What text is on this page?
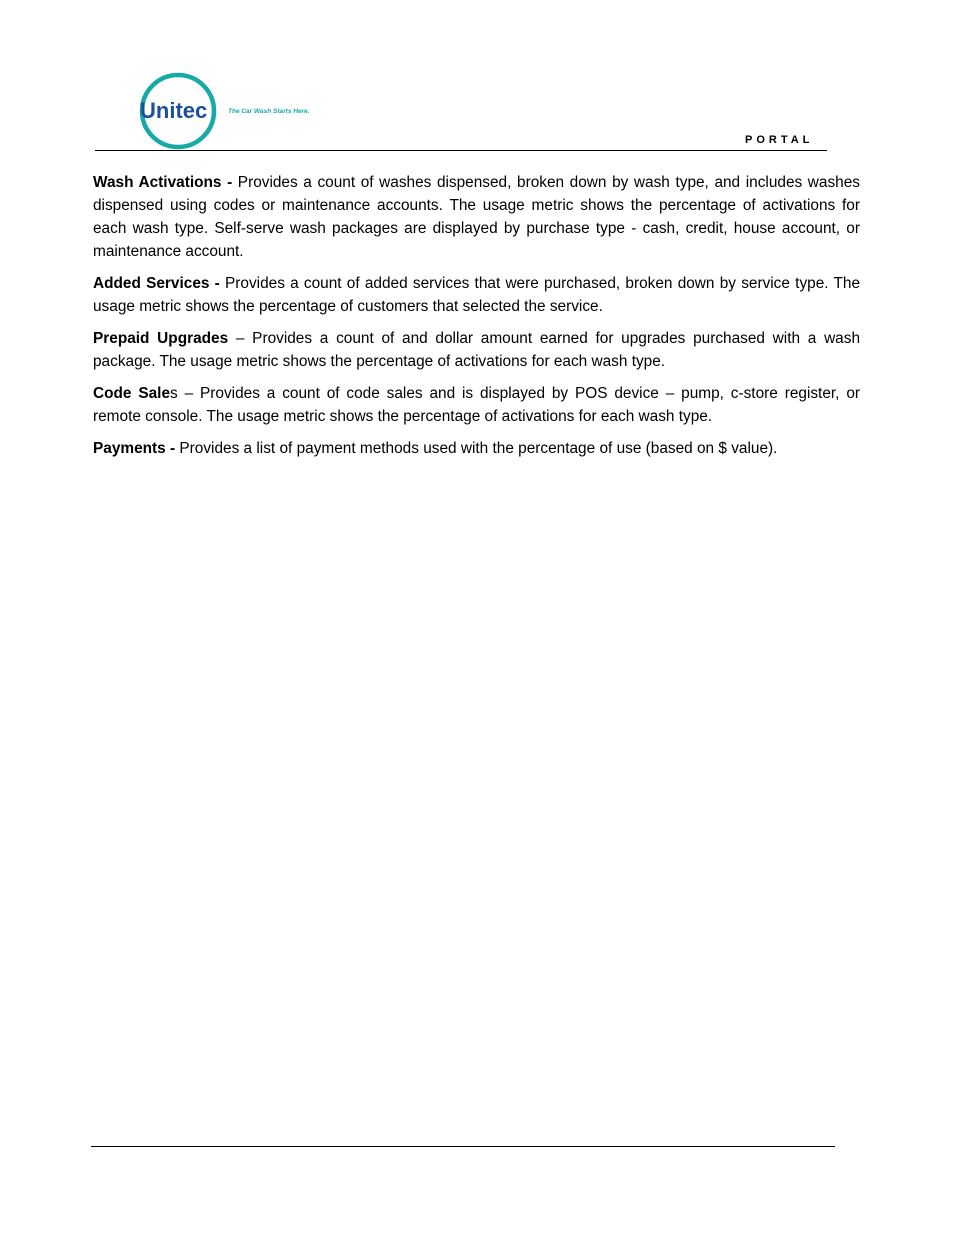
Unitec	The Car Wash Starts Here.
PORTAL

Wash Activations - Provides a count of washes dispensed, broken down by wash type, and includes washes dispensed using codes or maintenance accounts. The usage metric shows the percentage of activations for each wash type. Self-serve wash packages are displayed by purchase type - cash, credit, house account, or maintenance account.

Added Services - Provides a count of added services that were purchased, broken down by service type. The usage metric shows the percentage of customers that selected the service.

Prepaid Upgrades – Provides a count of and dollar amount earned for upgrades purchased with a wash package. The usage metric shows the percentage of activations for each wash type.

Code Sales – Provides a count of code sales and is displayed by POS device – pump, c-store register, or remote console. The usage metric shows the percentage of activations for each wash type.

Payments - Provides a list of payment methods used with the percentage of use (based on $ value).
